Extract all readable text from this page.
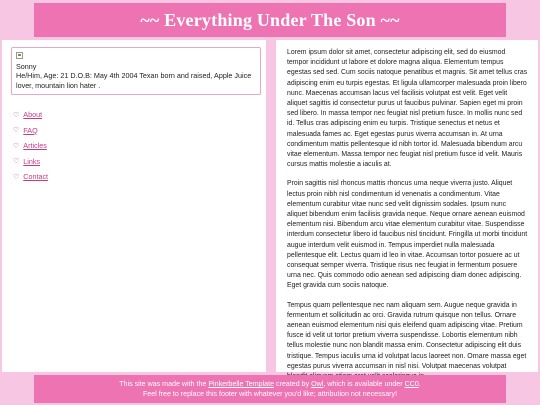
~~ Everything Under The Son ~~

Sonny
He/Him, Age: 21 D.O.B: May 4th 2004 Texan born and raised, Apple Juice lover, mountain lion hater .
♡ About
♡ FAQ
♡ Articles
♡ Links
♡ Contact

Lorem ipsum dolor sit amet, consectetur adipiscing elit, sed do eiusmod tempor incididunt ut labore et dolore magna aliqua. Elementum tempus egestas sed sed. Cum sociis natoque penatibus et magnis. Sit amet tellus cras adipiscing enim eu turpis egestas. Et ligula ullamcorper malesuada proin libero nunc. Maecenas accumsan lacus vel facilisis volutpat est velit. Eget velit aliquet sagittis id consectetur purus ut faucibus pulvinar. Sapien eget mi proin sed libero. In massa tempor nec feugiat nisl pretium fusce. In mollis nunc sed id. Tellus cras adipiscing enim eu turpis. Tristique senectus et netus et malesuada fames ac. Eget egestas purus viverra accumsan in. At urna condimentum mattis pellentesque id nibh tortor id. Malesuada bibendum arcu vitae elementum. Massa tempor nec feugiat nisl pretium fusce id velit. Mauris cursus mattis molestie a iaculis at.

Proin sagittis nisl rhoncus mattis rhoncus urna neque viverra justo. Aliquet lectus proin nibh nisl condimentum id venenatis a condimentum. Vitae elementum curabitur vitae nunc sed velit dignissim sodales. Ipsum nunc aliquet bibendum enim facilisis gravida neque. Neque ornare aenean euismod elementum nisi. Bibendum arcu vitae elementum curabitur vitae. Suspendisse interdum consectetur libero id faucibus nisl tincidunt. Fringilla ut morbi tincidunt augue interdum velit euismod in. Tempus imperdiet nulla malesuada pellentesque elit. Lectus quam id leo in vitae. Accumsan tortor posuere ac ut consequat semper viverra. Tristique risus nec feugiat in fermentum posuere urna nec. Quis commodo odio aenean sed adipiscing diam donec adipiscing. Eget gravida cum sociis natoque.

Tempus quam pellentesque nec nam aliquam sem. Augue neque gravida in fermentum et sollicitudin ac orci. Gravida rutrum quisque non tellus. Ornare aenean euismod elementum nisi quis eleifend quam adipiscing vitae. Pretium fusce id velit ut tortor pretium viverra suspendisse. Lobortis elementum nibh tellus molestie nunc non blandit massa enim. Consectetur adipiscing elit duis tristique. Tempus iaculis urna id volutpat lacus laoreet non. Ornare massa eget egestas purus viverra accumsan in nisl nisi. Volutpat maecenas volutpat

This site was made with the Pinkerbelle Template created by Owl, which is available under CC0.
Feel free to replace this footer with whatever you'd like; attribution not necessary!
